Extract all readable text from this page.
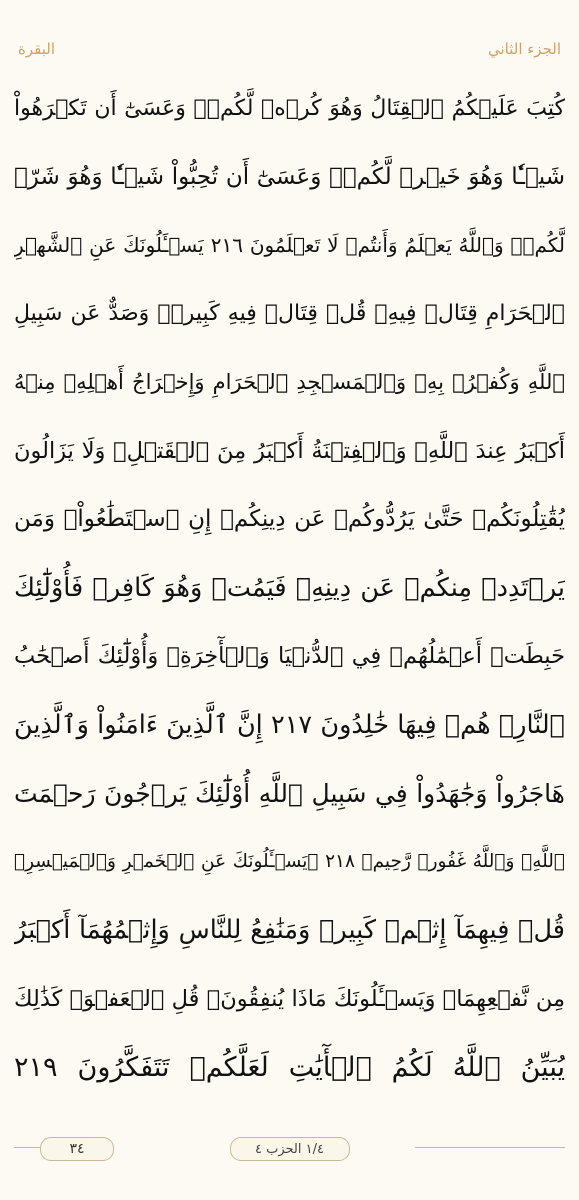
الجزء الثاني
البقرة
كُتِبَ عَلَيۡكُمُ ٱلۡقِتَالُ وَهُوَ كُرۡهٞ لَّكُمۡۖ وَعَسَىٰٓ أَن تَكۡرَهُواْ
شَيۡـٔٗا وَهُوَ خَيۡرٞ لَّكُمۡۖ وَعَسَىٰٓ أَن تُحِبُّواْ شَيۡـٔٗا وَهُوَ شَرّٞ
لَّكُمۡۚ وَٱللَّهُ يَعۡلَمُ وَأَنتُمۡ لَا تَعۡلَمُونَ ٢١٦ يَسۡـَٔلُونَكَ عَنِ ٱلشَّهۡرِ
ٱلۡحَرَامِ قِتَالٖ فِيهِۖ قُلۡ قِتَالٞ فِيهِ كَبِيرٞۚ وَصَدٌّ عَن سَبِيلِ
ٱللَّهِ وَكُفۡرُۢ بِهِۦ وَٱلۡمَسۡجِدِ ٱلۡحَرَامِ وَإِخۡرَاجُ أَهۡلِهِۦ مِنۡهُ
أَكۡبَرُ عِندَ ٱللَّهِۚ وَٱلۡفِتۡنَةُ أَكۡبَرُ مِنَ ٱلۡقَتۡلِۗ وَلَا يَزَالُونَ
يُقَٰتِلُونَكُمۡ حَتَّىٰ يَرُدُّوكُمۡ عَن دِينِكُمۡ إِنِ ٱسۡتَطَٰعُواْۚ وَمَن
يَرۡتَدِدۡ مِنكُمۡ عَن دِينِهِۦ فَيَمُتۡ وَهُوَ كَافِرٞ فَأُوْلَٰٓئِكَ
حَبِطَتۡ أَعۡمَٰلُهُمۡ فِي ٱلدُّنۡيَا وَٱلۡأٓخِرَةِۖ وَأُوْلَٰٓئِكَ أَصۡحَٰبُ
ٱلنَّارِۖ هُمۡ فِيهَا خَٰلِدُونَ ٢١٧ إِنَّ ٱلَّذِينَ ءَامَنُواْ وَٱلَّذِينَ
هَاجَرُواْ وَجَٰهَدُواْ فِي سَبِيلِ ٱللَّهِ أُوْلَٰٓئِكَ يَرۡجُونَ رَحۡمَتَ
ٱللَّهِۚ وَٱللَّهُ غَفُورٞ رَّحِيمٞ ٢١٨ ۞يَسۡـَٔلُونَكَ عَنِ ٱلۡخَمۡرِ وَٱلۡمَيۡسِرِۖ
قُلۡ فِيهِمَآ إِثۡمٞ كَبِيرٞ وَمَنَٰفِعُ لِلنَّاسِ وَإِثۡمُهُمَآ أَكۡبَرُ
مِن نَّفۡعِهِمَاۗ وَيَسۡـَٔلُونَكَ مَاذَا يُنفِقُونَۖ قُلِ ٱلۡعَفۡوَۗ كَذَٰلِكَ
يُبَيِّنُ ٱللَّهُ لَكُمُ ٱلۡأٓيَٰتِ لَعَلَّكُمۡ تَتَفَكَّرُونَ ٢١٩
١/٤ الحزب ٤
٣٤
